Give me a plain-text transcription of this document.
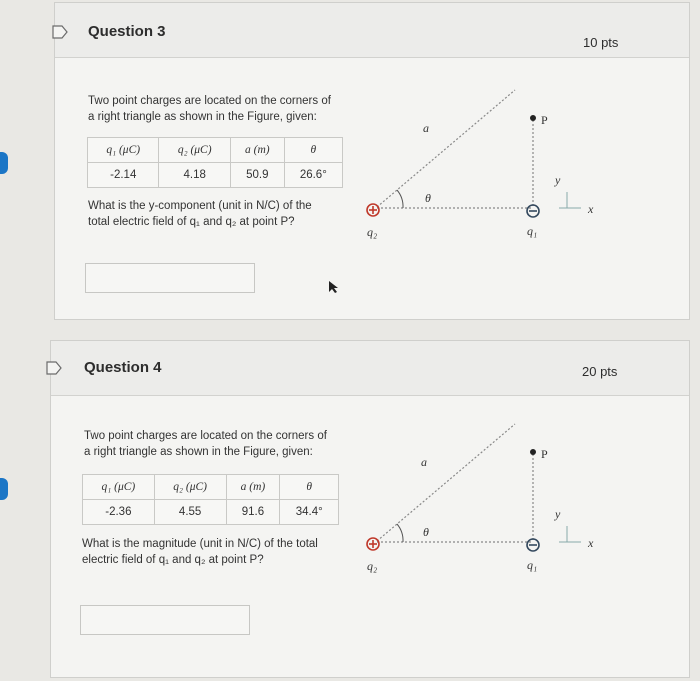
Question 3
10 pts
Two point charges are located on the corners of
a right triangle as shown in the Figure, given:
q₁ (μC)	q₂ (μC)	a (m)	θ
-2.14	4.18	50.9	26.6°
What is the y-component (unit in N/C) of the
total electric field of q₁ and q₂ at point P?
a
θ
P
y
x
q₁
q₂
Question 4	20 pts
Two point charges are located on the corners of
a right triangle as shown in the Figure, given:
q₁ (μC)	q₂ (μC)	a (m)	θ
-2.36	4.55	91.6	34.4°
What is the magnitude (unit in N/C) of the total
electric field of q₁ and q₂ at point P?
a
θ
P
y
x
q₁
q₂
